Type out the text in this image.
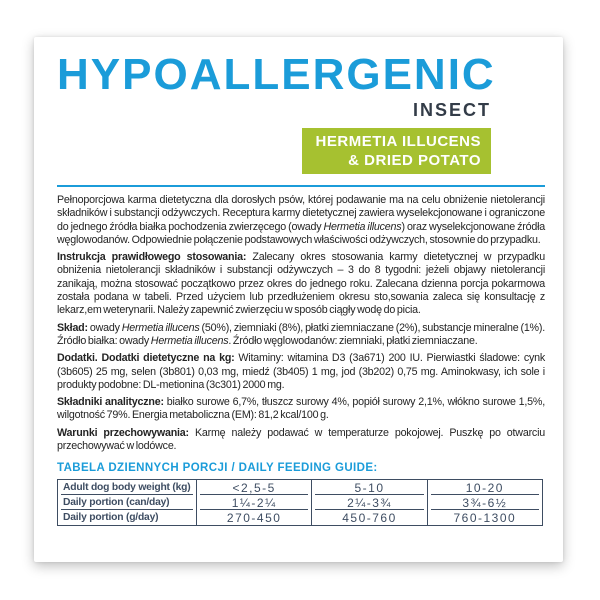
HYPOALLERGENIC
INSECT
HERMETIA ILLUCENS
& DRIED POTATO

Pełnoporcjowa karma dietetyczna dla dorosłych psów, której podawanie ma na celu obniżenie nietolerancji składników i substancji odżywczych. Receptura karmy dietetycznej zawiera wyselekcjonowane i ograniczone do jednego źródła białka pochodzenia zwierzęcego (owady Hermetia illucens) oraz wyselekcjonowane źródła węglowodanów. Odpowiednie połączenie podstawowych właściwości odżywczych, stosownie do przypadku.

Instrukcja prawidłowego stosowania: Zalecany okres stosowania karmy dietetycznej w przypadku obniżenia nietolerancji składników i substancji odżywczych – 3 do 8 tygodni: jeżeli objawy nietolerancji zanikają, można stosować początkowo przez okres do jednego roku. Zalecana dzienna porcja pokarmowa została podana w tabeli. Przed użyciem lub przedłużeniem okresu sto,sowania zaleca się konsultację z lekarz,em weterynarii. Należy zapewnić zwierzęciu w sposób ciągły wodę do picia.

Skład: owady Hermetia illucens (50%), ziemniaki (8%), płatki ziemniaczane (2%), substancje mineralne (1%). Źródło białka: owady Hermetia illucens. Źródło węglowodanów: ziemniaki, płatki ziemniaczane.

Dodatki. Dodatki dietetyczne na kg: Witaminy: witamina D3 (3a671) 200 IU. Pierwiastki śladowe: cynk (3b605) 25 mg, selen (3b801) 0,03 mg, miedź (3b405) 1 mg, jod (3b202) 0,75 mg. Aminokwasy, ich sole i produkty podobne: DL-metionina (3c301) 2000 mg.

Składniki analityczne: białko surowe 6,7%, tłuszcz surowy 4%, popiół surowy 2,1%, włókno surowe 1,5%, wilgotność 79%. Energia metaboliczna (EM): 81,2 kcal/100 g.

Warunki przechowywania: Karmę należy podawać w temperaturze pokojowej. Puszkę po otwarciu przechowywać w lodówce.

TABELA DZIENNYCH PORCJI / DAILY FEEDING GUIDE:
Adult dog body weight (kg)	<2,5-5	5-10	10-20
Daily portion (can/day)	1¼-2¼	2¼-3¾	3¾-6½
Daily portion (g/day)	270-450	450-760	760-1300
